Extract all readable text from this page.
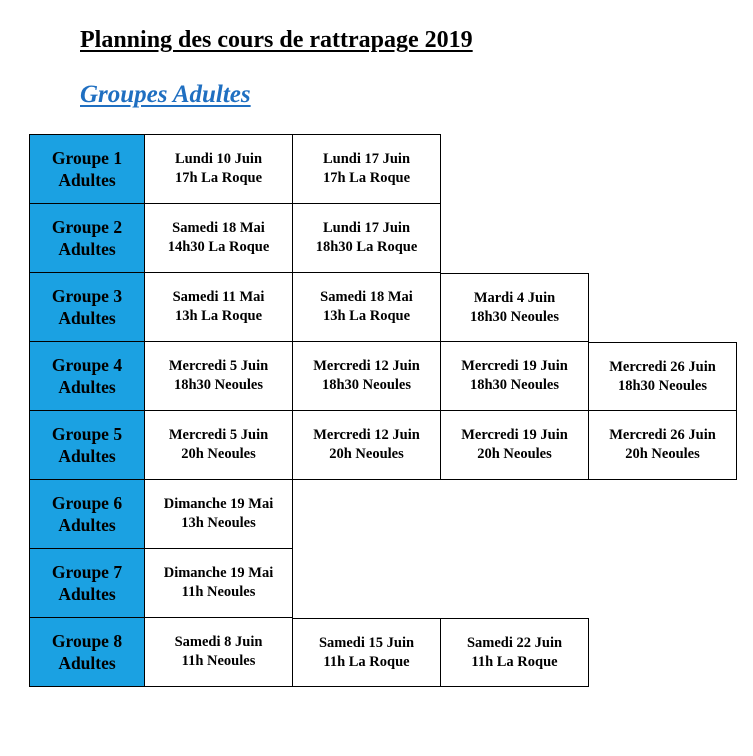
Planning des cours de rattrapage 2019
Groupes Adultes
Groupe 1
Adultes
Lundi 10 Juin
17h La Roque
Lundi 17 Juin
17h La Roque
Groupe 2
Adultes
Samedi 18 Mai
14h30 La Roque
Lundi 17 Juin
18h30 La Roque
Groupe 3
Adultes
Samedi 11 Mai
13h La Roque
Samedi 18 Mai
13h La Roque
Mardi 4 Juin
18h30 Neoules
Groupe 4
Adultes
Mercredi 5 Juin
18h30 Neoules
Mercredi 12 Juin
18h30 Neoules
Mercredi 19 Juin
18h30 Neoules
Mercredi 26 Juin
18h30 Neoules
Groupe 5
Adultes
Mercredi 5 Juin
20h Neoules
Mercredi 12 Juin
20h Neoules
Mercredi 19 Juin
20h Neoules
Mercredi 26 Juin
20h Neoules
Groupe 6
Adultes
Dimanche 19 Mai
13h Neoules
Groupe 7
Adultes
Dimanche 19 Mai
11h Neoules
Groupe 8
Adultes
Samedi 8 Juin
11h Neoules
Samedi 15 Juin
11h La Roque
Samedi 22 Juin
11h La Roque
